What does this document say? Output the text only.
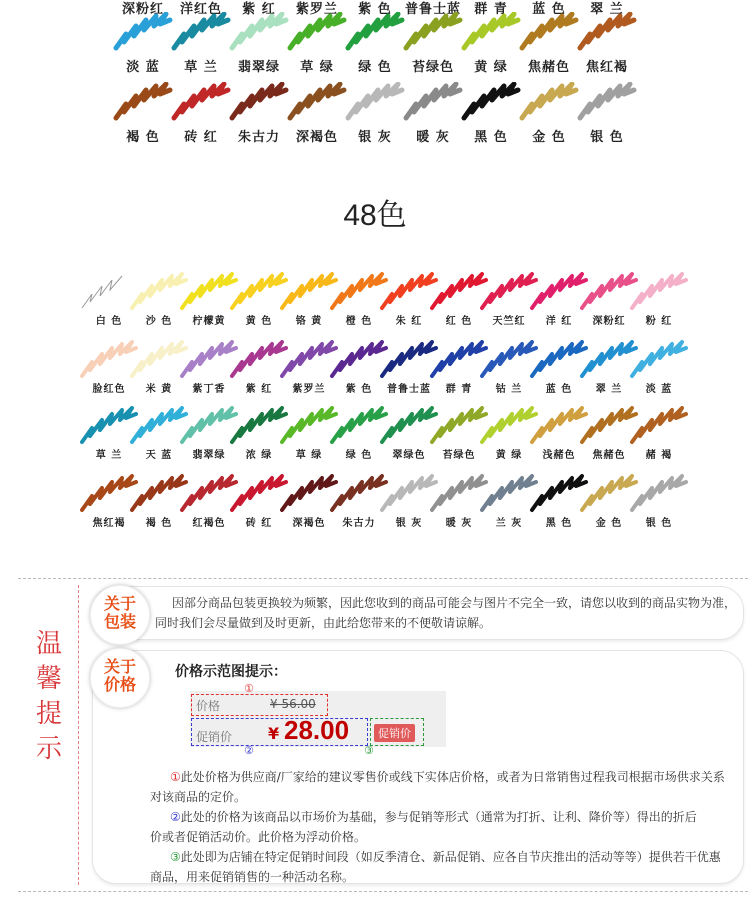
深粉红	洋红色	紫 红	紫罗兰	紫 色	普鲁士蓝	群 青	蓝 色	翠 兰
淡 蓝	草 兰	翡翠绿	草 绿	绿 色	苔绿色	黄 绿	焦赭色	焦红褐
褐 色	砖 红	朱古力	深褐色	银 灰	暖 灰	黑 色	金 色	银 色
48色
白 色	沙 色	柠檬黄	黄 色	铬 黄	橙 色	朱 红	红 色	天竺红	洋 红	深粉红	粉 红
脸红色	米 黄	紫丁香	紫 红	紫罗兰	紫 色	普鲁士蓝	群 青	钴 兰	蓝 色	翠 兰	淡 蓝
草 兰	天 蓝	翡翠绿	浓 绿	草 绿	绿 色	翠绿色	苔绿色	黄 绿	浅赭色	焦赭色	赭 褐
焦红褐	褐 色	红褐色	砖 红	深褐色	朱古力	银 灰	暖 灰	兰 灰	黑 色	金 色	银 色
温
馨
提
示
关于
包装
因部分商品包装更换较为频繁，因此您收到的商品可能会与图片不完全一致，请您以收到的商品实物为准，
同时我们会尽量做到及时更新，由此给您带来的不便敬请谅解。
关于
价格
价格示范图提示：
价格	¥ 56.00
促销价 ¥ 28.00	促销价
①
②	③
①此处价格为供应商/厂家给的建议零售价或线下实体店价格，或者为日常销售过程我司根据市场供求关系
对该商品的定价。
②此处的价格为该商品以市场价为基础，参与促销等形式（通常为打折、让利、降价等）得出的折后
价或者促销活动价。此价格为浮动价格。
③此处即为店铺在特定促销时间段（如反季清仓、新品促销、应各自节庆推出的活动等等）提供若干优惠
商品，用来促销销售的一种活动名称。
